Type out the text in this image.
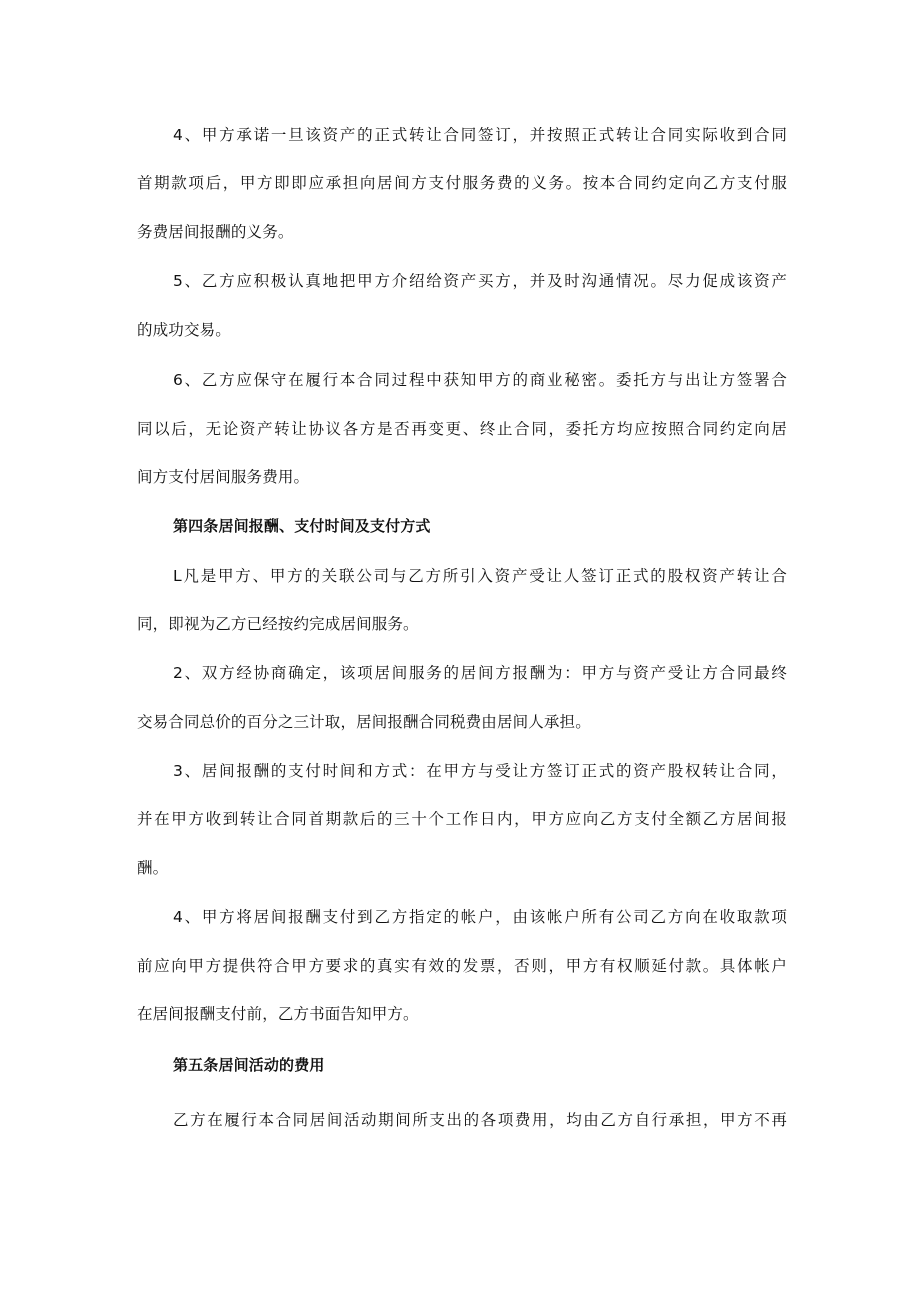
4、甲方承诺一旦该资产的正式转让合同签订，并按照正式转让合同实际收到合同
首期款项后，甲方即即应承担向居间方支付服务费的义务。按本合同约定向乙方支付服
务费居间报酬的义务。
5、乙方应积极认真地把甲方介绍给资产买方，并及时沟通情况。尽力促成该资产
的成功交易。
6、乙方应保守在履行本合同过程中获知甲方的商业秘密。委托方与出让方签署合
同以后，无论资产转让协议各方是否再变更、终止合同，委托方均应按照合同约定向居
间方支付居间服务费用。
第四条居间报酬、支付时间及支付方式
L凡是甲方、甲方的关联公司与乙方所引入资产受让人签订正式的股权资产转让合
同，即视为乙方已经按约完成居间服务。
2、双方经协商确定，该项居间服务的居间方报酬为：甲方与资产受让方合同最终
交易合同总价的百分之三计取，居间报酬合同税费由居间人承担。
3、居间报酬的支付时间和方式：在甲方与受让方签订正式的资产股权转让合同，
并在甲方收到转让合同首期款后的三十个工作日内，甲方应向乙方支付全额乙方居间报
酬。
4、甲方将居间报酬支付到乙方指定的帐户，由该帐户所有公司乙方向在收取款项
前应向甲方提供符合甲方要求的真实有效的发票，否则，甲方有权顺延付款。具体帐户
在居间报酬支付前，乙方书面告知甲方。
第五条居间活动的费用
乙方在履行本合同居间活动期间所支出的各项费用，均由乙方自行承担，甲方不再
